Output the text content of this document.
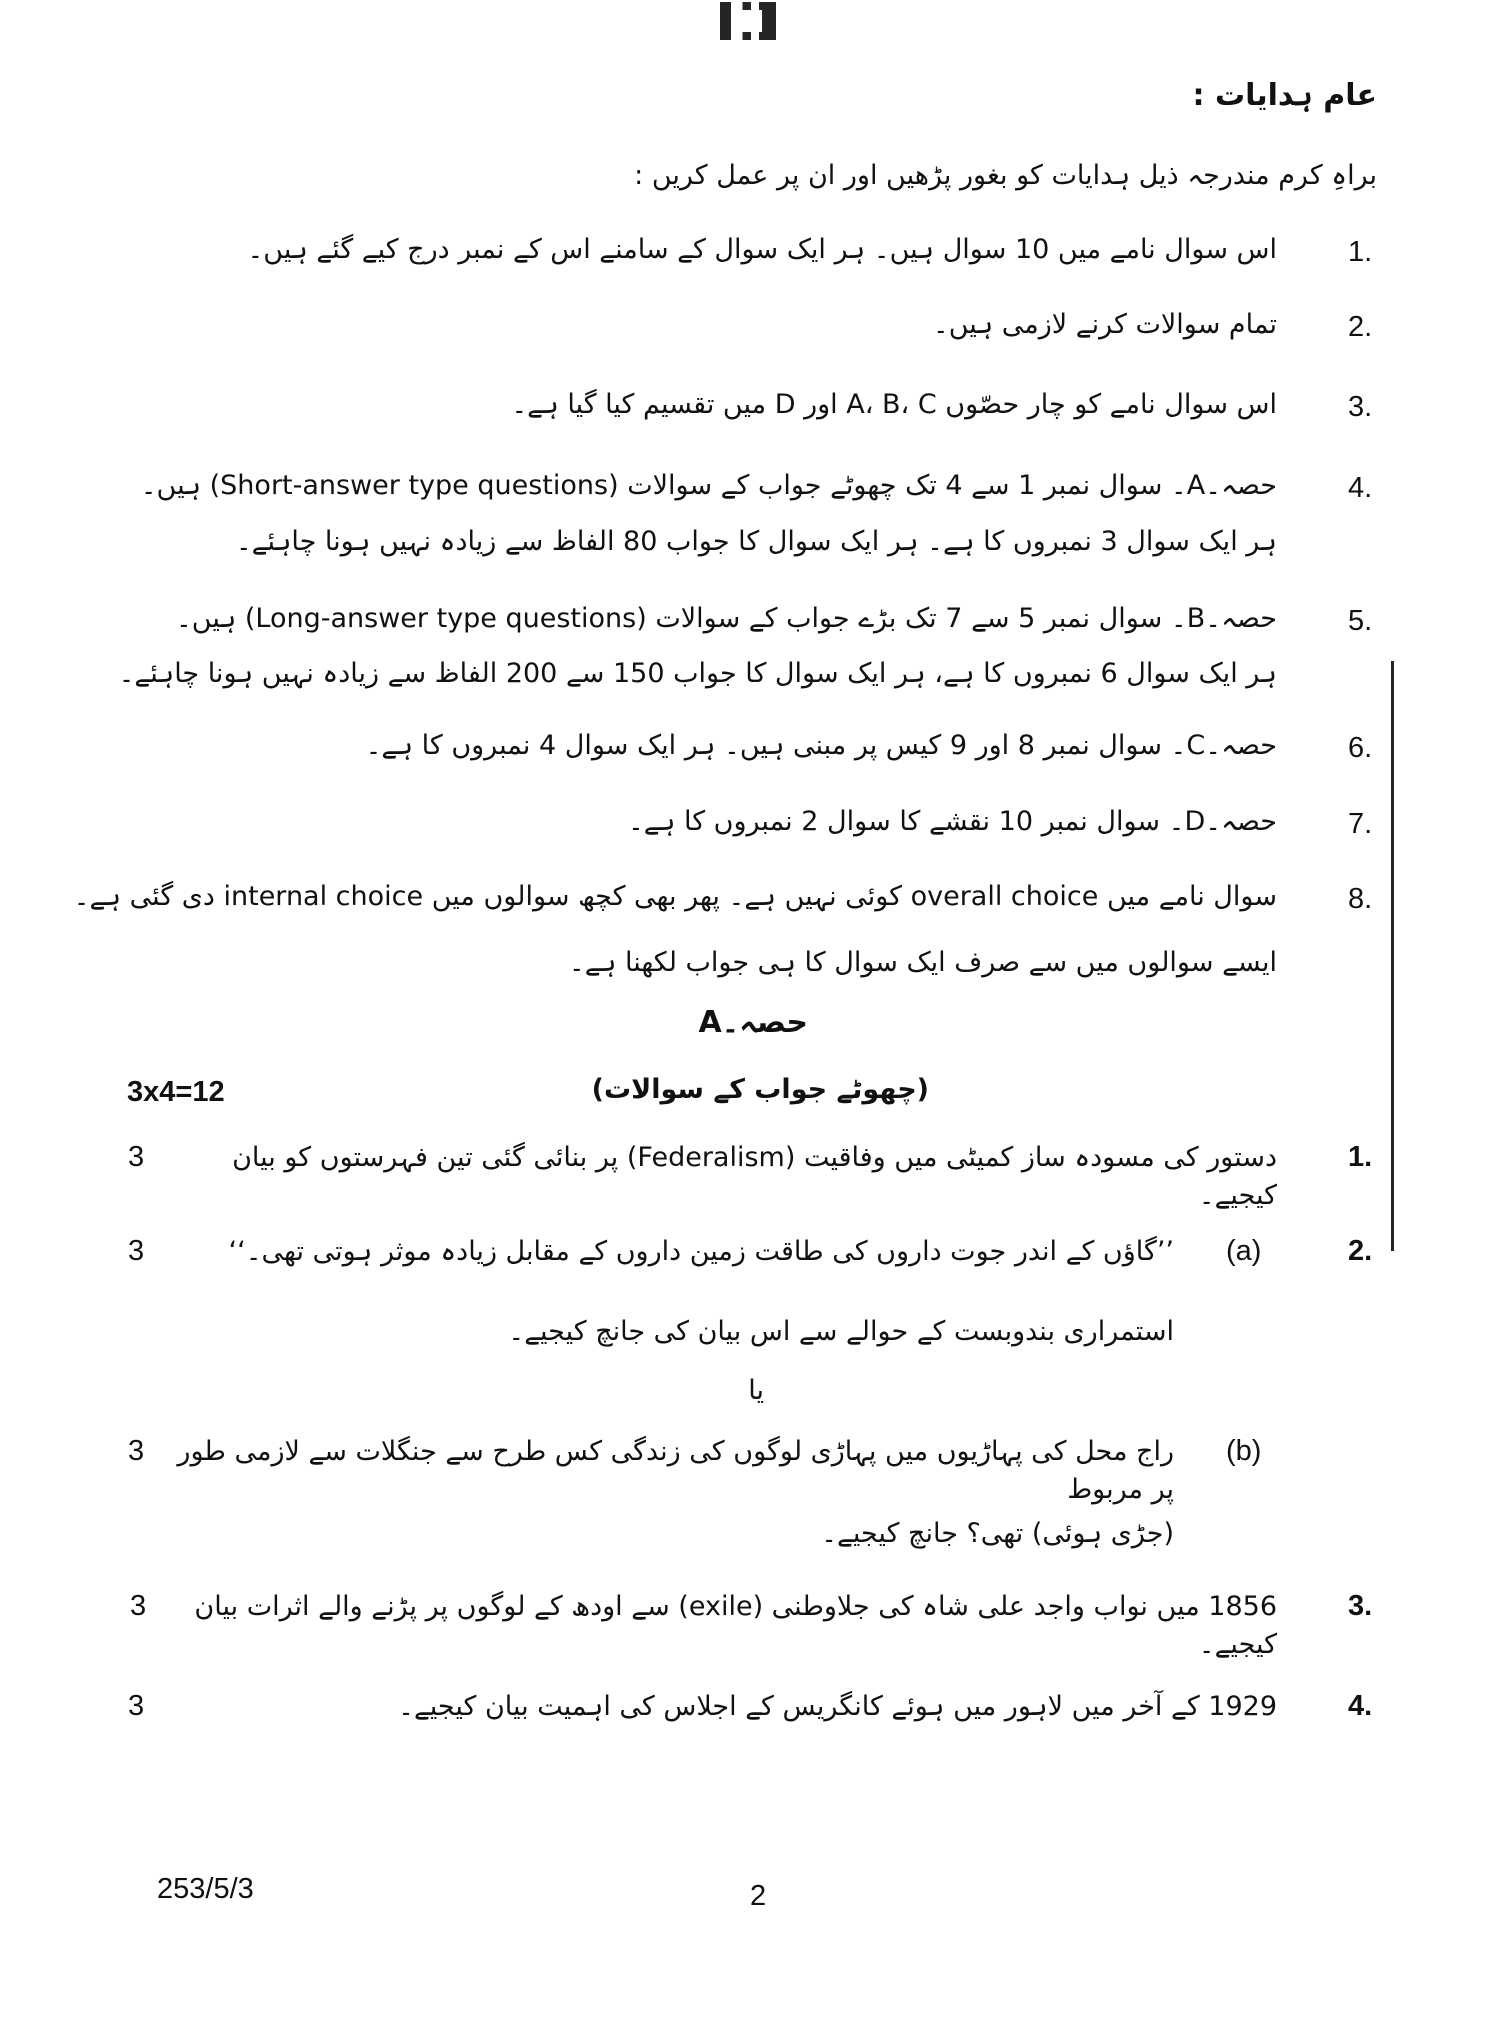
عام ہدایات :
براہِ کرم مندرجہ ذیل ہدایات کو بغور پڑھیں اور ان پر عمل کریں :
1.
اس سوال نامے میں 10 سوال ہیں۔ ہر ایک سوال کے سامنے اس کے نمبر درج کیے گئے ہیں۔
2.
تمام سوالات کرنے لازمی ہیں۔
3.
اس سوال نامے کو چار حصّوں A، B، C اور D میں تقسیم کیا گیا ہے۔
4.
حصہ۔A۔ سوال نمبر 1 سے 4 تک چھوٹے جواب کے سوالات (Short-answer type questions) ہیں۔
ہر ایک سوال 3 نمبروں کا ہے۔ ہر ایک سوال کا جواب 80 الفاظ سے زیادہ نہیں ہونا چاہئے۔
5.
حصہ۔B۔ سوال نمبر 5 سے 7 تک بڑے جواب کے سوالات (Long-answer type questions) ہیں۔
ہر ایک سوال 6 نمبروں کا ہے، ہر ایک سوال کا جواب 150 سے 200 الفاظ سے زیادہ نہیں ہونا چاہئے۔
6.
حصہ۔C۔ سوال نمبر 8 اور 9 کیس پر مبنی ہیں۔ ہر ایک سوال 4 نمبروں کا ہے۔
7.
حصہ۔D۔ سوال نمبر 10 نقشے کا سوال 2 نمبروں کا ہے۔
8.
سوال نامے میں overall choice کوئی نہیں ہے۔ پھر بھی کچھ سوالوں میں internal choice دی گئی ہے۔
ایسے سوالوں میں سے صرف ایک سوال کا ہی جواب لکھنا ہے۔
حصہ۔A
3x4=12	(چھوٹے جواب کے سوالات)
1.
دستور کی مسودہ ساز کمیٹی میں وفاقیت (Federalism) پر بنائی گئی تین فہرستوں کو بیان کیجیے۔
3
2.
(a)
’’گاؤں کے اندر جوت داروں کی طاقت زمین داروں کے مقابل زیادہ موثر ہوتی تھی۔‘‘
استمراری بندوبست کے حوالے سے اس بیان کی جانچ کیجیے۔
3
یا
(b)
راج محل کی پہاڑیوں میں پہاڑی لوگوں کی زندگی کس طرح سے جنگلات سے لازمی طور پر مربوط
(جڑی ہوئی) تھی؟ جانچ کیجیے۔
3
3.
1856 میں نواب واجد علی شاہ کی جلاوطنی (exile) سے اودھ کے لوگوں پر پڑنے والے اثرات بیان کیجیے۔
3
4.
1929 کے آخر میں لاہور میں ہوئے کانگریس کے اجلاس کی اہمیت بیان کیجیے۔
3
253/5/3	2
